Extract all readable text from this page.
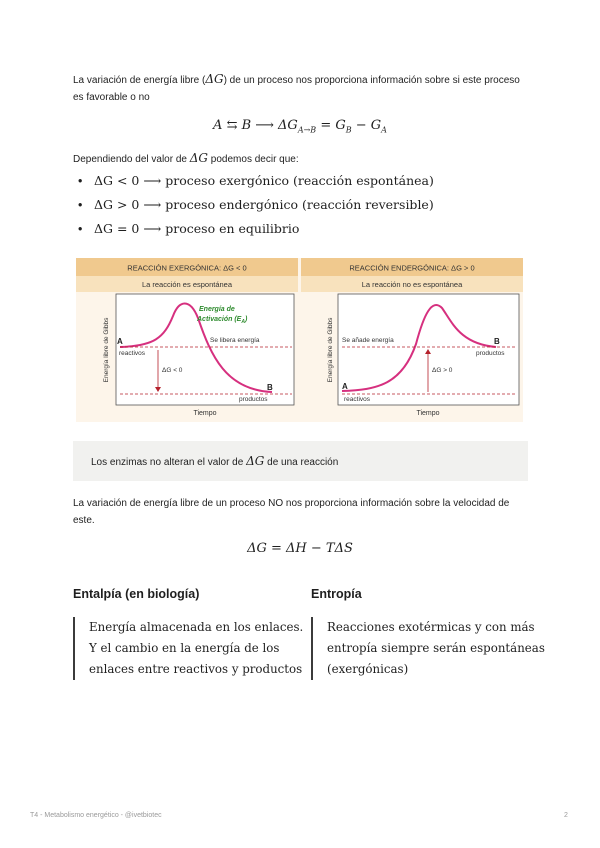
La variación de energía libre (ΔG) de un proceso nos proporciona información sobre si este proceso
es favorable o no
A ⇆ B ⟶ $\Delta G_{A\to B} = G_B - G_A$
Dependiendo del valor de ΔG podemos decir que:
• ΔG < 0 ⟶ proceso exergónico (reacción espontánea)
• ΔG > 0 ⟶ proceso endergónico (reacción reversible)
• ΔG = 0 ⟶ proceso en equilibrio
REACCIÓN EXERGÓNICA: ΔG < 0
La reacción es espontánea
Energía libre de Gibbs
Tiempo
A
reactivos
ΔG < 0
B
productos
Se libera energía
Energía de
Activación $(E_A)$
REACCIÓN ENDERGÓNICA: ΔG > 0
La reacción no es espontánea
Energía libre de Gibbs
Tiempo
Se añade energía
ΔG > 0
A
reactivos
B
productos
Los enzimas no alteran el valor de ΔG de una reacción
La variación de energía libre de un proceso NO nos proporciona información sobre la velocidad de
este.
ΔG = ΔH − TΔS
Entalpía (en biología)	Entropía
Energía almacenada en los enlaces.
Y el cambio en la energía de los
enlaces entre reactivos y productos
Reacciones exotérmicas y con más
entropía siempre serán espontáneas
(exergónicas)
T4 - Metabolismo energético - @ivetbiotec	2
